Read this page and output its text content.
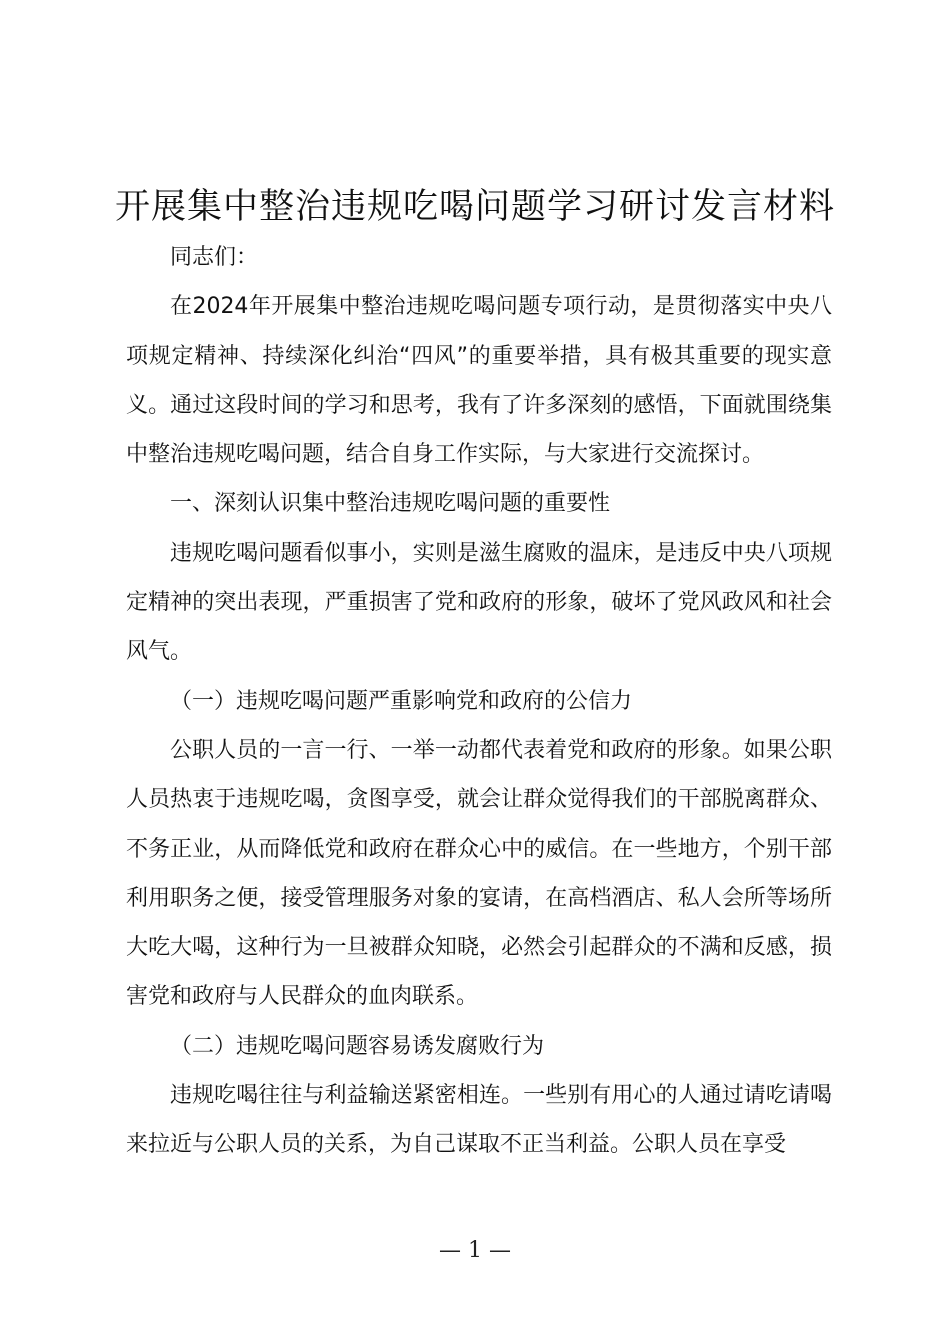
开展集中整治违规吃喝问题学习研讨发言材料

同志们：

在2024年开展集中整治违规吃喝问题专项行动，是贯彻落实中央八项规定精神、持续深化纠治“四风”的重要举措，具有极其重要的现实意义。通过这段时间的学习和思考，我有了许多深刻的感悟，下面就围绕集中整治违规吃喝问题，结合自身工作实际，与大家进行交流探讨。

一、深刻认识集中整治违规吃喝问题的重要性

违规吃喝问题看似事小，实则是滋生腐败的温床，是违反中央八项规定精神的突出表现，严重损害了党和政府的形象，破坏了党风政风和社会风气。

（一）违规吃喝问题严重影响党和政府的公信力

公职人员的一言一行、一举一动都代表着党和政府的形象。如果公职人员热衷于违规吃喝，贪图享受，就会让群众觉得我们的干部脱离群众、不务正业，从而降低党和政府在群众心中的威信。在一些地方，个别干部利用职务之便，接受管理服务对象的宴请，在高档酒店、私人会所等场所大吃大喝，这种行为一旦被群众知晓，必然会引起群众的不满和反感，损害党和政府与人民群众的血肉联系。

（二）违规吃喝问题容易诱发腐败行为

违规吃喝往往与利益输送紧密相连。一些别有用心的人通过请吃请喝来拉近与公职人员的关系，为自己谋取不正当利益。公职人员在享受

— 1 —
